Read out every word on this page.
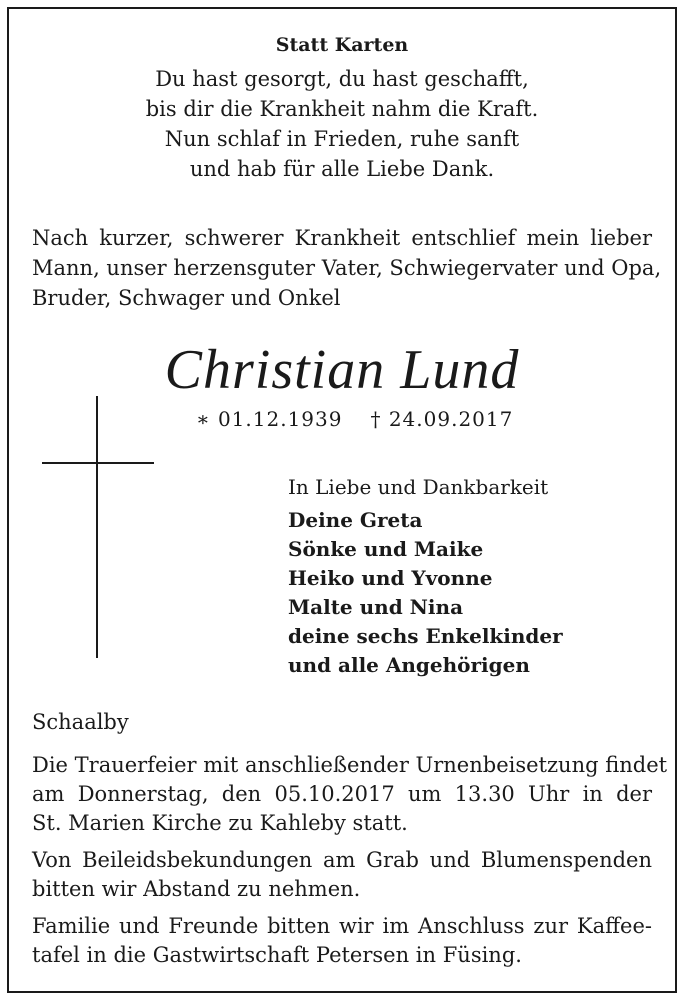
Statt Karten
Du hast gesorgt, du hast geschafft,
bis dir die Krankheit nahm die Kraft.
Nun schlaf in Frieden, ruhe sanft
und hab für alle Liebe Dank.
Nach kurzer, schwerer Krankheit entschlief mein lieber
Mann, unser herzensguter Vater, Schwiegervater und Opa,
Bruder, Schwager und Onkel
Christian Lund
∗ 01.12.1939 † 24.09.2017
In Liebe und Dankbarkeit
Deine Greta
Sönke und Maike
Heiko und Yvonne
Malte und Nina
deine sechs Enkelkinder
und alle Angehörigen
Schaalby
Die Trauerfeier mit anschließender Urnenbeisetzung findet
am Donnerstag, den 05.10.2017 um 13.30 Uhr in der
St. Marien Kirche zu Kahleby statt.
Von Beileidsbekundungen am Grab und Blumenspenden
bitten wir Abstand zu nehmen.
Familie und Freunde bitten wir im Anschluss zur Kaffee-
tafel in die Gastwirtschaft Petersen in Füsing.
